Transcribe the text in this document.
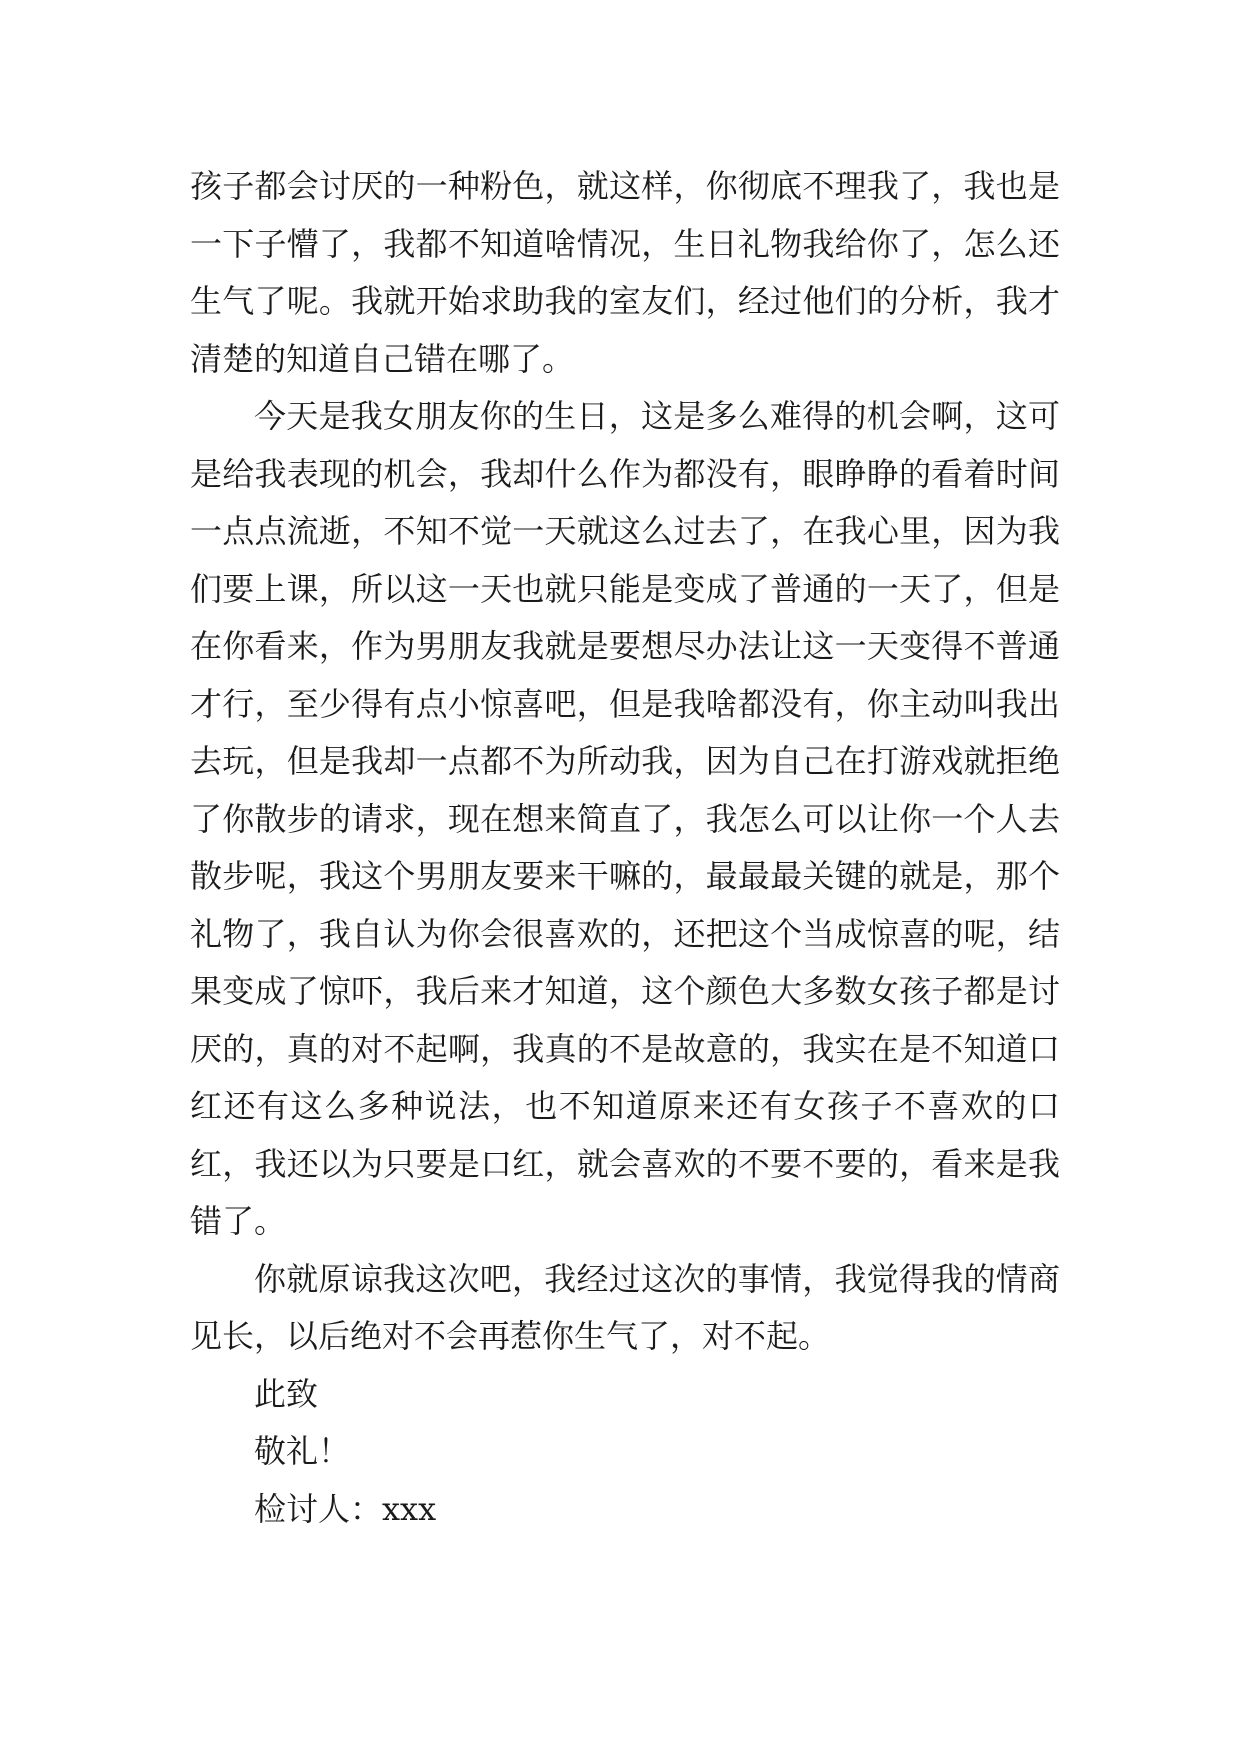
孩子都会讨厌的一种粉色，就这样，你彻底不理我了，我也是一下子懵了，我都不知道啥情况，生日礼物我给你了，怎么还生气了呢。我就开始求助我的室友们，经过他们的分析，我才清楚的知道自己错在哪了。

今天是我女朋友你的生日，这是多么难得的机会啊，这可是给我表现的机会，我却什么作为都没有，眼睁睁的看着时间一点点流逝，不知不觉一天就这么过去了，在我心里，因为我们要上课，所以这一天也就只能是变成了普通的一天了，但是在你看来，作为男朋友我就是要想尽办法让这一天变得不普通才行，至少得有点小惊喜吧，但是我啥都没有，你主动叫我出去玩，但是我却一点都不为所动我，因为自己在打游戏就拒绝了你散步的请求，现在想来简直了，我怎么可以让你一个人去散步呢，我这个男朋友要来干嘛的，最最最关键的就是，那个礼物了，我自认为你会很喜欢的，还把这个当成惊喜的呢，结果变成了惊吓，我后来才知道，这个颜色大多数女孩子都是讨厌的，真的对不起啊，我真的不是故意的，我实在是不知道口红还有这么多种说法，也不知道原来还有女孩子不喜欢的口红，我还以为只要是口红，就会喜欢的不要不要的，看来是我错了。

你就原谅我这次吧，我经过这次的事情，我觉得我的情商见长，以后绝对不会再惹你生气了，对不起。

此致

敬礼！

检讨人：xxx
